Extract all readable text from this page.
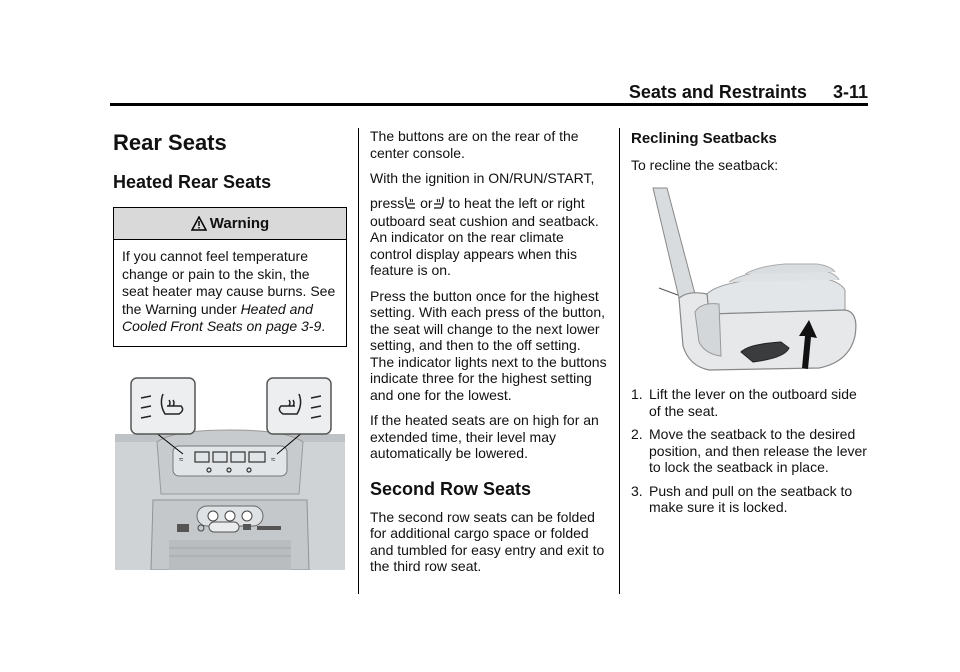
Seats and Restraints 3-11
Rear Seats
Heated Rear Seats
Warning
If you cannot feel temperature change or pain to the skin, the seat heater may cause burns. See the Warning under Heated and Cooled Front Seats on page 3-9.
≈	≈

The buttons are on the rear of the center console.

With the ignition in ON/RUN/START,

press or to heat the left or right

outboard seat cushion and seatback. An indicator on the rear climate control display appears when this feature is on.

Press the button once for the highest setting. With each press of the button, the seat will change to the next lower setting, and then to the off setting. The indicator lights next to the buttons indicate three for the highest setting and one for the lowest.

If the heated seats are on high for an extended time, their level may automatically be lowered.

Second Row Seats

The second row seats can be folded for additional cargo space or folded and tumbled for easy entry and exit to the third row seat.

Reclining Seatbacks

To recline the seatback:

1. Lift the lever on the outboard side of the seat.
2. Move the seatback to the desired position, and then release the lever to lock the seatback in place.
3. Push and pull on the seatback to make sure it is locked.
